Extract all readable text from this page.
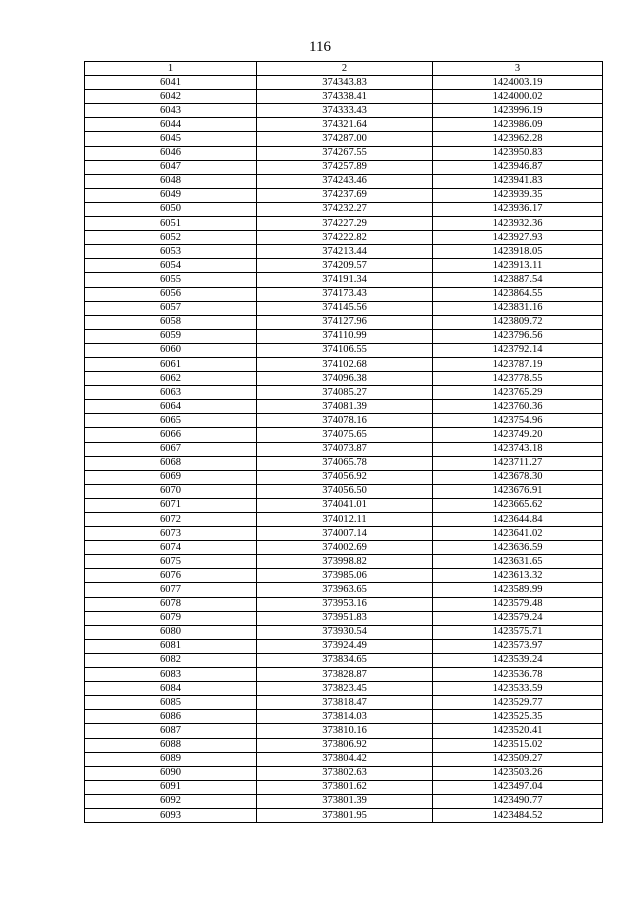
116
1	2	3
6041	374343.83	1424003.19
6042	374338.41	1424000.02
6043	374333.43	1423996.19
6044	374321.64	1423986.09
6045	374287.00	1423962.28
6046	374267.55	1423950.83
6047	374257.89	1423946.87
6048	374243.46	1423941.83
6049	374237.69	1423939.35
6050	374232.27	1423936.17
6051	374227.29	1423932.36
6052	374222.82	1423927.93
6053	374213.44	1423918.05
6054	374209.57	1423913.11
6055	374191.34	1423887.54
6056	374173.43	1423864.55
6057	374145.56	1423831.16
6058	374127.96	1423809.72
6059	374110.99	1423796.56
6060	374106.55	1423792.14
6061	374102.68	1423787.19
6062	374096.38	1423778.55
6063	374085.27	1423765.29
6064	374081.39	1423760.36
6065	374078.16	1423754.96
6066	374075.65	1423749.20
6067	374073.87	1423743.18
6068	374065.78	1423711.27
6069	374056.92	1423678.30
6070	374056.50	1423676.91
6071	374041.01	1423665.62
6072	374012.11	1423644.84
6073	374007.14	1423641.02
6074	374002.69	1423636.59
6075	373998.82	1423631.65
6076	373985.06	1423613.32
6077	373963.65	1423589.99
6078	373953.16	1423579.48
6079	373951.83	1423579.24
6080	373930.54	1423575.71
6081	373924.49	1423573.97
6082	373834.65	1423539.24
6083	373828.87	1423536.78
6084	373823.45	1423533.59
6085	373818.47	1423529.77
6086	373814.03	1423525.35
6087	373810.16	1423520.41
6088	373806.92	1423515.02
6089	373804.42	1423509.27
6090	373802.63	1423503.26
6091	373801.62	1423497.04
6092	373801.39	1423490.77
6093	373801.95	1423484.52
